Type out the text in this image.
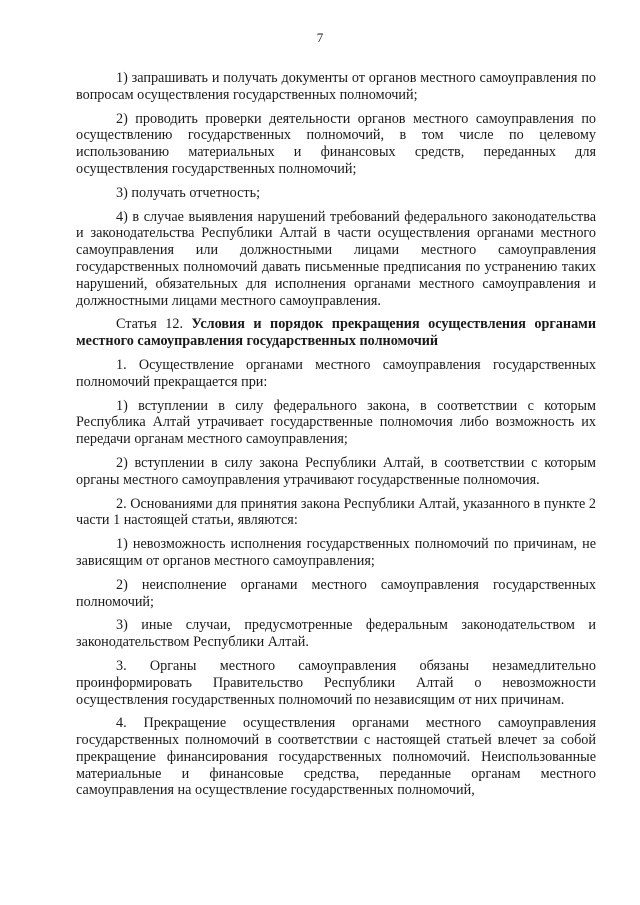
7

1) запрашивать и получать документы от органов местного самоуправления по вопросам осуществления государственных полномочий;

2) проводить проверки деятельности органов местного самоуправления по осуществлению государственных полномочий, в том числе по целевому использованию материальных и финансовых средств, переданных для осуществления государственных полномочий;

3) получать отчетность;

4) в случае выявления нарушений требований федерального законодательства и законодательства Республики Алтай в части осуществления органами местного самоуправления или должностными лицами местного самоуправления государственных полномочий давать письменные предписания по устранению таких нарушений, обязательных для исполнения органами местного самоуправления и должностными лицами местного самоуправления.

Статья 12. Условия и порядок прекращения осуществления органами местного самоуправления государственных полномочий

1. Осуществление органами местного самоуправления государственных полномочий прекращается при:

1) вступлении в силу федерального закона, в соответствии с которым Республика Алтай утрачивает государственные полномочия либо возможность их передачи органам местного самоуправления;

2) вступлении в силу закона Республики Алтай, в соответствии с которым органы местного самоуправления утрачивают государственные полномочия.

2. Основаниями для принятия закона Республики Алтай, указанного в пункте 2 части 1 настоящей статьи, являются:

1) невозможность исполнения государственных полномочий по причинам, не зависящим от органов местного самоуправления;

2) неисполнение органами местного самоуправления государственных полномочий;

3) иные случаи, предусмотренные федеральным законодательством и законодательством Республики Алтай.

3. Органы местного самоуправления обязаны незамедлительно проинформировать Правительство Республики Алтай о невозможности осуществления государственных полномочий по независящим от них причинам.

4. Прекращение осуществления органами местного самоуправления государственных полномочий в соответствии с настоящей статьей влечет за собой прекращение финансирования государственных полномочий. Неиспользованные материальные и финансовые средства, переданные органам местного самоуправления на осуществление государственных полномочий,
